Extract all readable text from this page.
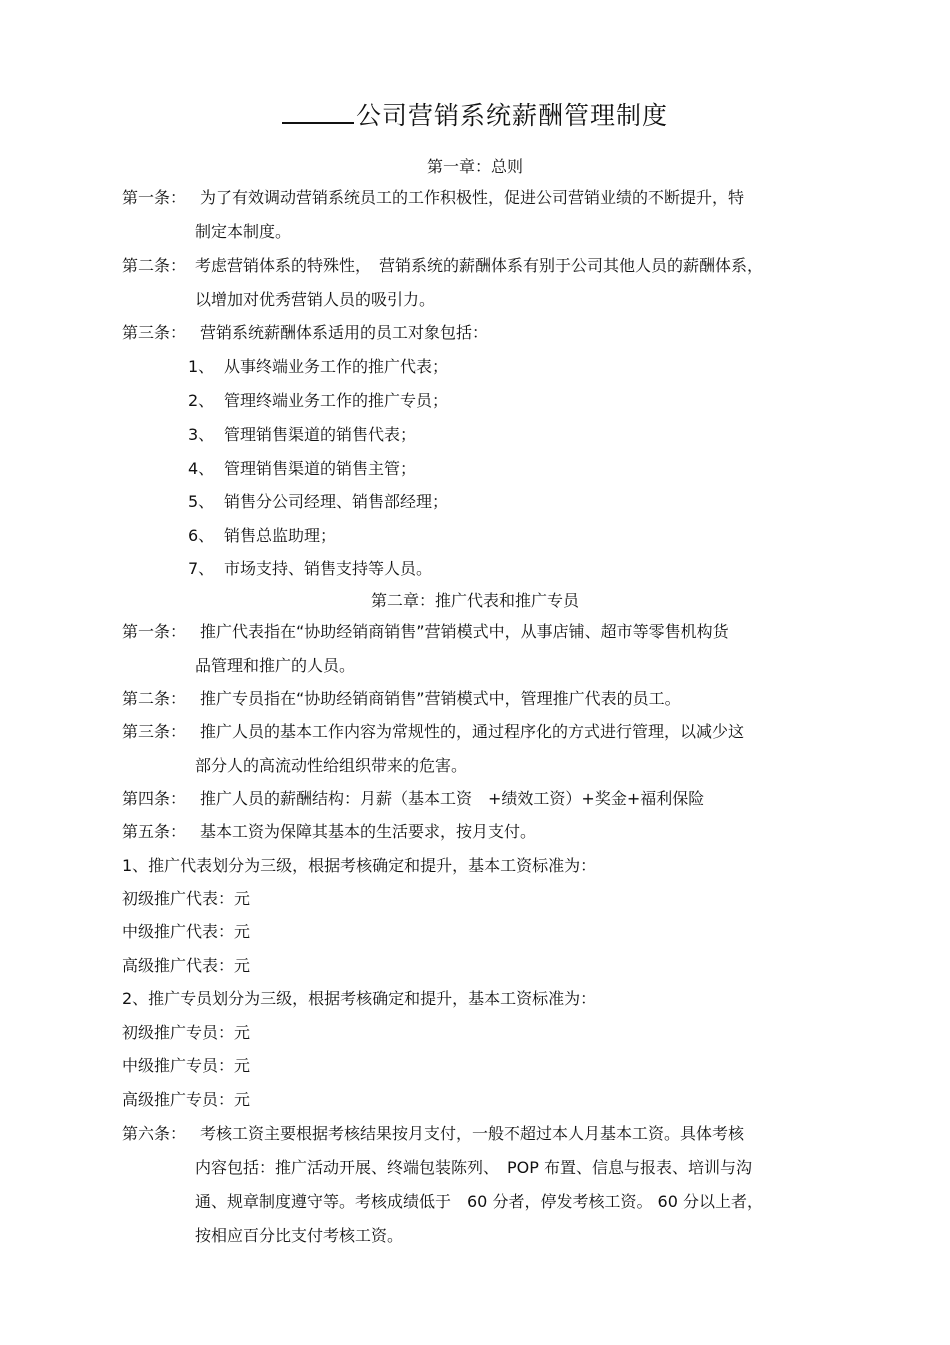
公司营销系统薪酬管理制度
第一章：总则
第一条： 为了有效调动营销系统员工的工作积极性，促进公司营销业绩的不断提升，特
制定本制度。
第二条： 考虑营销体系的特殊性，　营销系统的薪酬体系有别于公司其他人员的薪酬体系，
以增加对优秀营销人员的吸引力。
第三条： 营销系统薪酬体系适用的员工对象包括：
1、 从事终端业务工作的推广代表；
2、 管理终端业务工作的推广专员；
3、 管理销售渠道的销售代表；
4、 管理销售渠道的销售主管；
5、 销售分公司经理、销售部经理；
6、 销售总监助理；
7、 市场支持、销售支持等人员。
第二章：推广代表和推广专员
第一条： 推广代表指在“协助经销商销售”营销模式中，从事店铺、超市等零售机构货
品管理和推广的人员。
第二条： 推广专员指在“协助经销商销售”营销模式中，管理推广代表的员工。
第三条： 推广人员的基本工作内容为常规性的，通过程序化的方式进行管理，以减少这
部分人的高流动性给组织带来的危害。
第四条： 推广人员的薪酬结构：月薪（基本工资　+绩效工资）+奖金+福利保险
第五条： 基本工资为保障其基本的生活要求，按月支付。
1、推广代表划分为三级，根据考核确定和提升，基本工资标准为：
初级推广代表：元
中级推广代表：元
高级推广代表：元
2、推广专员划分为三级，根据考核确定和提升，基本工资标准为：
初级推广专员：元
中级推广专员：元
高级推广专员：元
第六条： 考核工资主要根据考核结果按月支付，一般不超过本人月基本工资。具体考核
内容包括：推广活动开展、终端包装陈列、　POP 布置、信息与报表、培训与沟
通、规章制度遵守等。考核成绩低于　60 分者，停发考核工资。 60 分以上者，
按相应百分比支付考核工资。
